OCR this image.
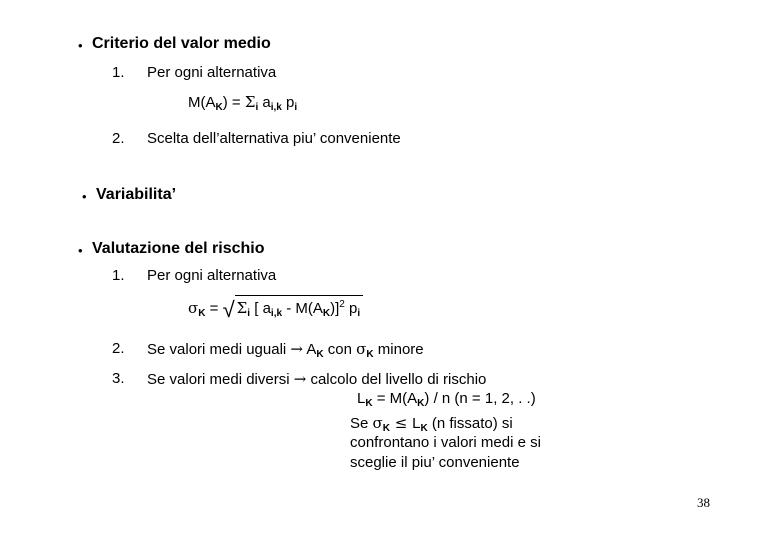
• Criterio del valor medio
1. Per ogni alternativa
$M(A_K) = \Sigma_i$ $a_{i,k}$ $p_i$
2. Scelta dell’alternativa piu’ conveniente
• Variabilita’
• Valutazione del rischio
1. Per ogni alternativa
$\sigma_K$ = √ $\Sigma_i$ [ $a_{i,k} - M(A_K)]^2$ $p_i$
2. Se valori medi uguali → $A_K$ con $\sigma_K$ minore
3. Se valori medi diversi → calcolo del livello di rischio
$L_K = M(A_K) / n$ (n = 1, 2, . .)
Se $\sigma_K \le L_K$ (n fissato) si
confrontano i valori medi e si
sceglie il piu’ conveniente
38
